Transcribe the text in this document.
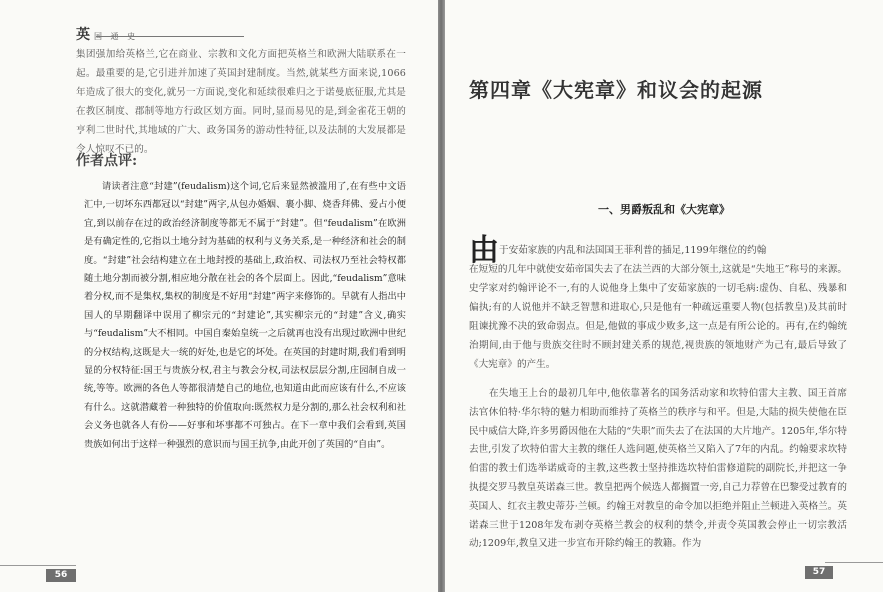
英国 通 史

集团强加给英格兰,它在商业、宗教和文化方面把英格兰和欧洲大陆联系在一起。最重要的是,它引进并加速了英国封建制度。当然,就某些方面来说,1066年造成了很大的变化,就另一方面说,变化和延续很难归之于诺曼底征服,尤其是在教区制度、郡制等地方行政区划方面。同时,显而易见的是,到金雀花王朝的亨利二世时代,其地域的广大、政务国务的游动性特征,以及法制的大发展都是令人惊叹不已的。

作者点评:

请读者注意“封建”(feudalism)这个词,它后来显然被滥用了,在有些中文语汇中,一切坏东西都冠以“封建”两字,从包办婚姻、裹小脚、烧香拜佛、爱占小便宜,到以前存在过的政治经济制度等都无不属于“封建”。但“feudalism”在欧洲是有确定性的,它指以土地分封为基础的权利与义务关系,是一种经济和社会的制度。“封建”社会结构建立在土地封授的基础上,政治权、司法权乃至社会特权都随土地分割而被分割,相应地分散在社会的各个层面上。因此,“feudalism”意味着分权,而不是集权,集权的制度是不好用“封建”两字来修饰的。早就有人指出中国人的早期翻译中误用了柳宗元的“封建论”,其实柳宗元的“封建”含义,确实与“feudalism”大不相同。中国自秦始皇统一之后就再也没有出现过欧洲中世纪的分权结构,这既是大一统的好处,也是它的坏处。在英国的封建时期,我们看到明显的分权特征:国王与贵族分权,君主与教会分权,司法权层层分割,庄园制自成一统,等等。欧洲的各色人等都很清楚自己的地位,也知道由此而应该有什么,不应该有什么。这就潜藏着一种独特的价值取向:既然权力是分割的,那么社会权利和社会义务也就各人有份——好事和坏事都不可独占。在下一章中我们会看到,英国贵族如何出于这样一种强烈的意识而与国王抗争,由此开创了英国的“自由”。

56
第四章《大宪章》和议会的起源
一、男爵叛乱和《大宪章》
由 于安茹家族的内乱和法国国王菲利普的插足,1199年继位的约翰
在短短的几年中就使安茹帝国失去了在法兰西的大部分领土,这就是“失地王”称号的来源。史学家对约翰评论不一,有的人说他身上集中了安茹家族的一切毛病:虚伪、自私、残暴和偏执;有的人说他并不缺乏智慧和进取心,只是他有一种疏远重要人物(包括教皇)及其前时阻谏扰豫不决的致命弱点。但是,他做的事成少败多,这一点是有所公论的。再有,在约翰统治期间,由于他与贵族交往时不顾封建关系的规范,视贵族的领地财产为己有,最后导致了《大宪章》的产生。

在失地王上台的最初几年中,他依靠著名的国务活动家和坎特伯雷大主教、国王首席法官休伯特·华尔特的魅力相助而维持了英格兰的秩序与和平。但是,大陆的损失使他在臣民中威信大降,许多男爵因他在大陆的“失职”而失去了在法国的大片地产。1205年,华尔特去世,引发了坎特伯雷大主教的继任人选问题,使英格兰又陷入了7年的内乱。约翰要求坎特伯雷的教士们选举诺威奇的主教,这些教士坚持推选坎特伯雷修道院的副院长,并把这一争执提交罗马教皇英诺森三世。教皇把两个候选人都搁置一旁,自己力荐曾在巴黎受过教育的英国人、红衣主教史蒂芬·兰顿。约翰王对教皇的命令加以拒绝并阻止兰顿进入英格兰。英诺森三世于1208年发布剥夺英格兰教会的权利的禁令,并责令英国教会停止一切宗教活动;1209年,教皇又进一步宣布开除约翰王的教籍。作为

57
